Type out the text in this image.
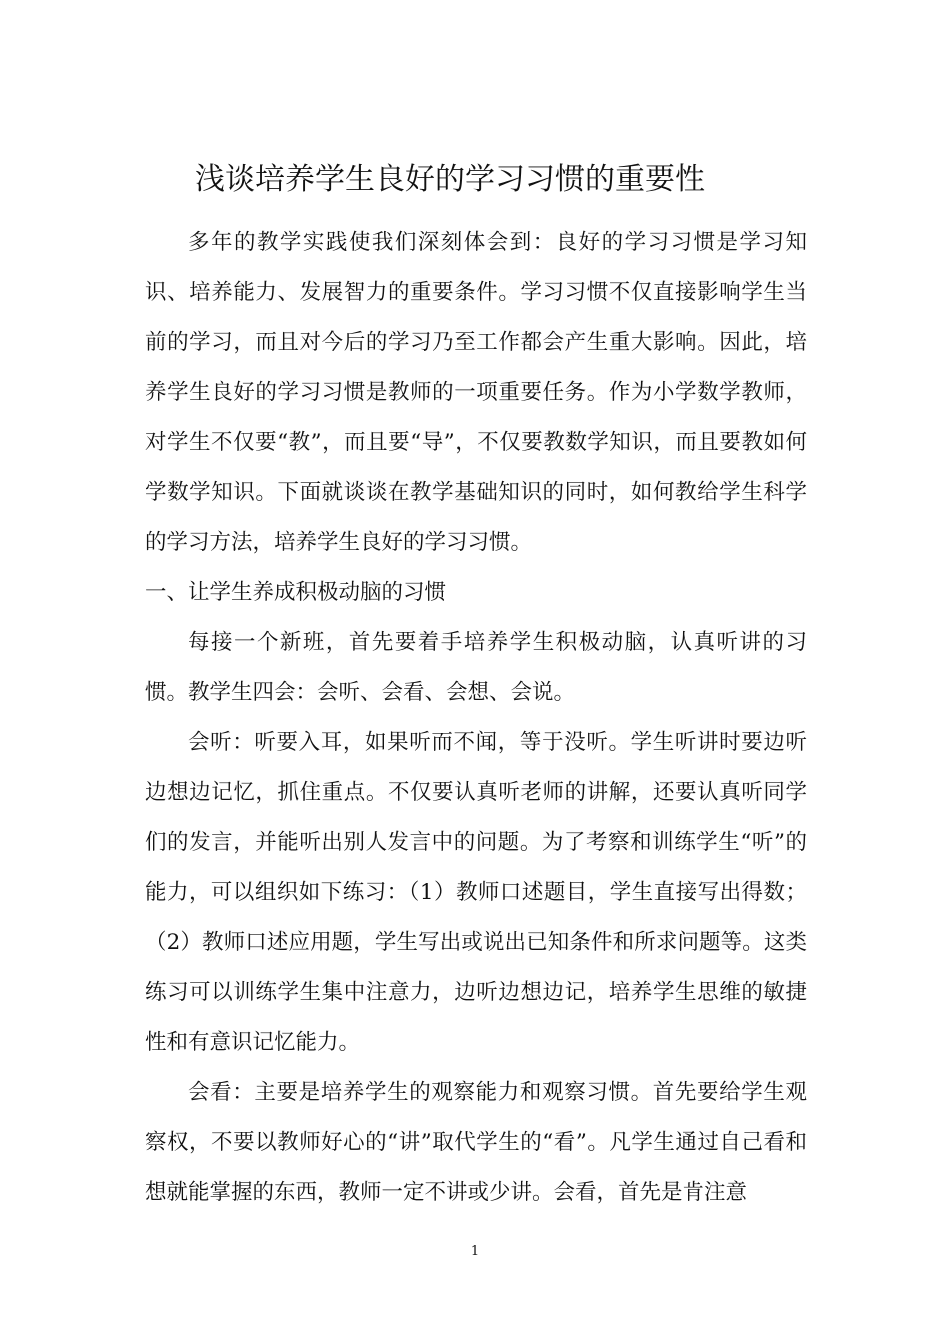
浅谈培养学生良好的学习习惯的重要性

多年的教学实践使我们深刻体会到：良好的学习习惯是学习知识、培养能力、发展智力的重要条件。学习习惯不仅直接影响学生当前的学习，而且对今后的学习乃至工作都会产生重大影响。因此，培养学生良好的学习习惯是教师的一项重要任务。作为小学数学教师，对学生不仅要“教”，而且要“导”，不仅要教数学知识，而且要教如何学数学知识。下面就谈谈在教学基础知识的同时，如何教给学生科学的学习方法，培养学生良好的学习习惯。

一、让学生养成积极动脑的习惯

每接一个新班，首先要着手培养学生积极动脑，认真听讲的习惯。教学生四会：会听、会看、会想、会说。

会听：听要入耳，如果听而不闻，等于没听。学生听讲时要边听边想边记忆，抓住重点。不仅要认真听老师的讲解，还要认真听同学们的发言，并能听出别人发言中的问题。为了考察和训练学生“听”的能力，可以组织如下练习：（1）教师口述题目，学生直接写出得数；（2）教师口述应用题，学生写出或说出已知条件和所求问题等。这类练习可以训练学生集中注意力，边听边想边记，培养学生思维的敏捷性和有意识记忆能力。

会看：主要是培养学生的观察能力和观察习惯。首先要给学生观察权，不要以教师好心的“讲”取代学生的“看”。凡学生通过自己看和想就能掌握的东西，教师一定不讲或少讲。会看，首先是肯注意

1
